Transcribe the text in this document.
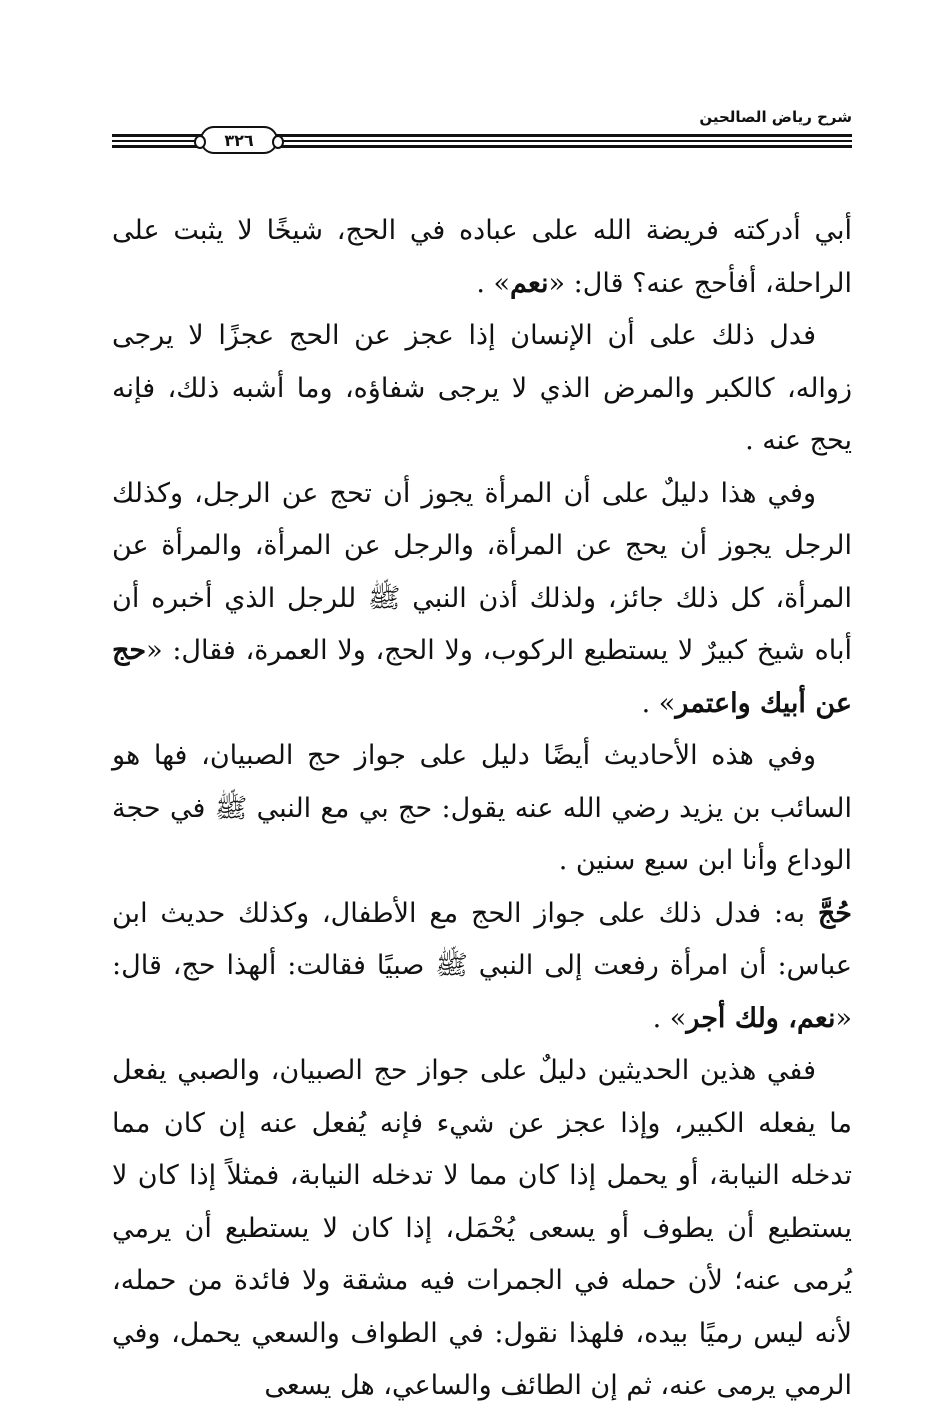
شرح رياض الصالحين
٣٢٦

أبي أدركته فريضة الله على عباده في الحج، شيخًا لا يثبت على الراحلة، أفأحج عنه؟ قال: «نعم» .

فدل ذلك على أن الإنسان إذا عجز عن الحج عجزًا لا يرجى زواله، كالكبر والمرض الذي لا يرجى شفاؤه، وما أشبه ذلك، فإنه يحج عنه .

وفي هذا دليلٌ على أن المرأة يجوز أن تحج عن الرجل، وكذلك الرجل يجوز أن يحج عن المرأة، والرجل عن المرأة، والمرأة عن المرأة، كل ذلك جائز، ولذلك أذن النبي ﷺ للرجل الذي أخبره أن أباه شيخ كبيرٌ لا يستطيع الركوب، ولا الحج، ولا العمرة، فقال: «حج عن أبيك واعتمر» .

وفي هذه الأحاديث أيضًا دليل على جواز حج الصبيان، فها هو السائب بن يزيد رضي الله عنه يقول: حج بي مع النبي ﷺ في حجة الوداع وأنا ابن سبع سنين .

حُجَّ به: فدل ذلك على جواز الحج مع الأطفال، وكذلك حديث ابن عباس: أن امرأة رفعت إلى النبي ﷺ صبيًا فقالت: ألهذا حج، قال: «نعم، ولك أجر» .

ففي هذين الحديثين دليلٌ على جواز حج الصبيان، والصبي يفعل ما يفعله الكبير، وإذا عجز عن شيء فإنه يُفعل عنه إن كان مما تدخله النيابة، أو يحمل إذا كان مما لا تدخله النيابة، فمثلاً إذا كان لا يستطيع أن يطوف أو يسعى يُحْمَل، إذا كان لا يستطيع أن يرمي يُرمى عنه؛ لأن حمله في الجمرات فيه مشقة ولا فائدة من حمله، لأنه ليس رميًا بيده، فلهذا نقول: في الطواف والسعي يحمل، وفي الرمي يرمى عنه، ثم إن الطائف والساعي، هل يسعى
